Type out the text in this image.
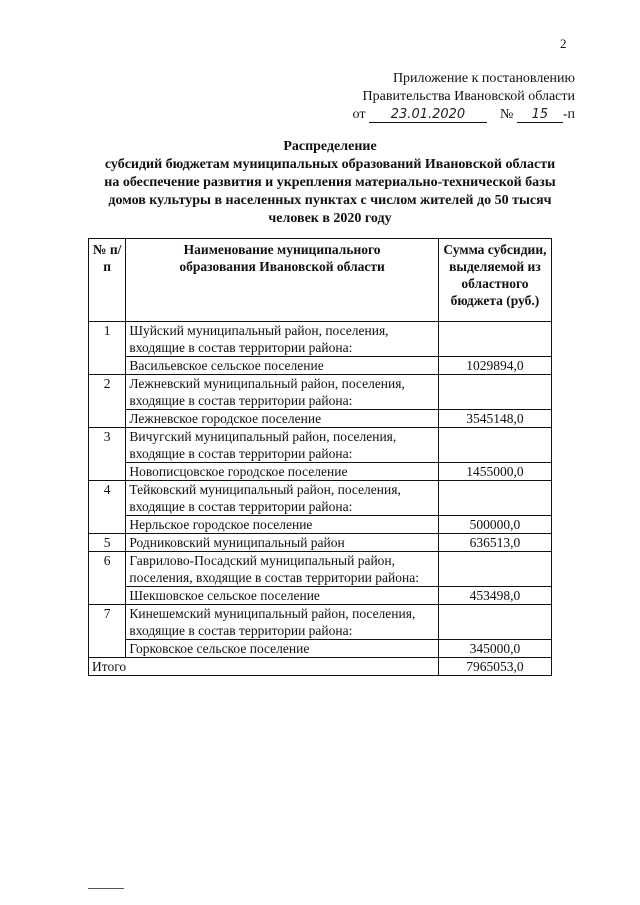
2
Приложение к постановлению
Правительства Ивановской области
от 23.01.2020 № 15 -п
Распределение
субсидий бюджетам муниципальных образований Ивановской области
на обеспечение развития и укрепления материально-технической базы
домов культуры в населенных пунктах с числом жителей до 50 тысяч
человек в 2020 году
№ п/п	Наименование муниципального образования Ивановской области	Сумма субсидии, выделяемой из областного бюджета (руб.)
1	Шуйский муниципальный район, поселения, входящие в состав территории района:	
	Васильевское сельское поселение	1029894,0
2	Лежневский муниципальный район, поселения, входящие в состав территории района:	
	Лежневское городское поселение	3545148,0
3	Вичугский муниципальный район, поселения, входящие в состав территории района:	
	Новописцовское городское поселение	1455000,0
4	Тейковский муниципальный район, поселения, входящие в состав территории района:	
	Нерльское городское поселение	500000,0
5	Родниковский муниципальный район	636513,0
6	Гаврилово-Посадский муниципальный район, поселения, входящие в состав территории района:	
	Шекшовское сельское поселение	453498,0
7	Кинешемский муниципальный район, поселения, входящие в состав территории района:	
	Горковское сельское поселение	345000,0
Итого		7965053,0
